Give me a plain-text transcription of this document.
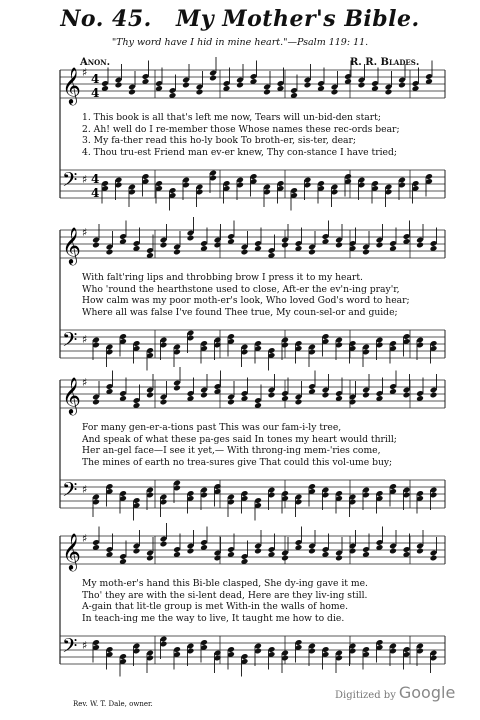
No. 45. My Mother's Bible.
"Thy word have I hid in mine heart."—Psalm 119: 11.
Anon.	R. R. Blades.
𝄞 ♯ 4
4
𝄢 ♯ 4
4
1. This book is all that's left me now, Tears will un-bid-den start;
2. Ah! well do I re-member those Whose names these rec-ords bear;
3. My fa-ther read this ho-ly book To broth-er, sis-ter, dear;
4. Thou tru-est Friend man ev-er knew, Thy con-stance I have tried;
𝄞 ♯
𝄢 ♯
With falt'ring lips and throbbing brow I press it to my heart.
Who 'round the hearthstone used to close, Aft-er the ev'n-ing pray'r,
How calm was my poor moth-er's look, Who loved God's word to hear;
Where all was false I've found Thee true, My coun-sel-or and guide;
𝄞 ♯
𝄢 ♯
For many gen-er-a-tions past This was our fam-i-ly tree,
And speak of what these pa-ges said In tones my heart would thrill;
Her an-gel face—I see it yet,— With throng-ing mem-'ries come,
The mines of earth no trea-sures give That could this vol-ume buy;
𝄞 ♯
𝄢 ♯
My moth-er's hand this Bi-ble clasped, She dy-ing gave it me.
Tho' they are with the si-lent dead, Here are they liv-ing still.
A-gain that lit-tle group is met With-in the walls of home.
In teach-ing me the way to live, It taught me how to die.
Rev. W. T. Dale, owner.
Digitized by Google
